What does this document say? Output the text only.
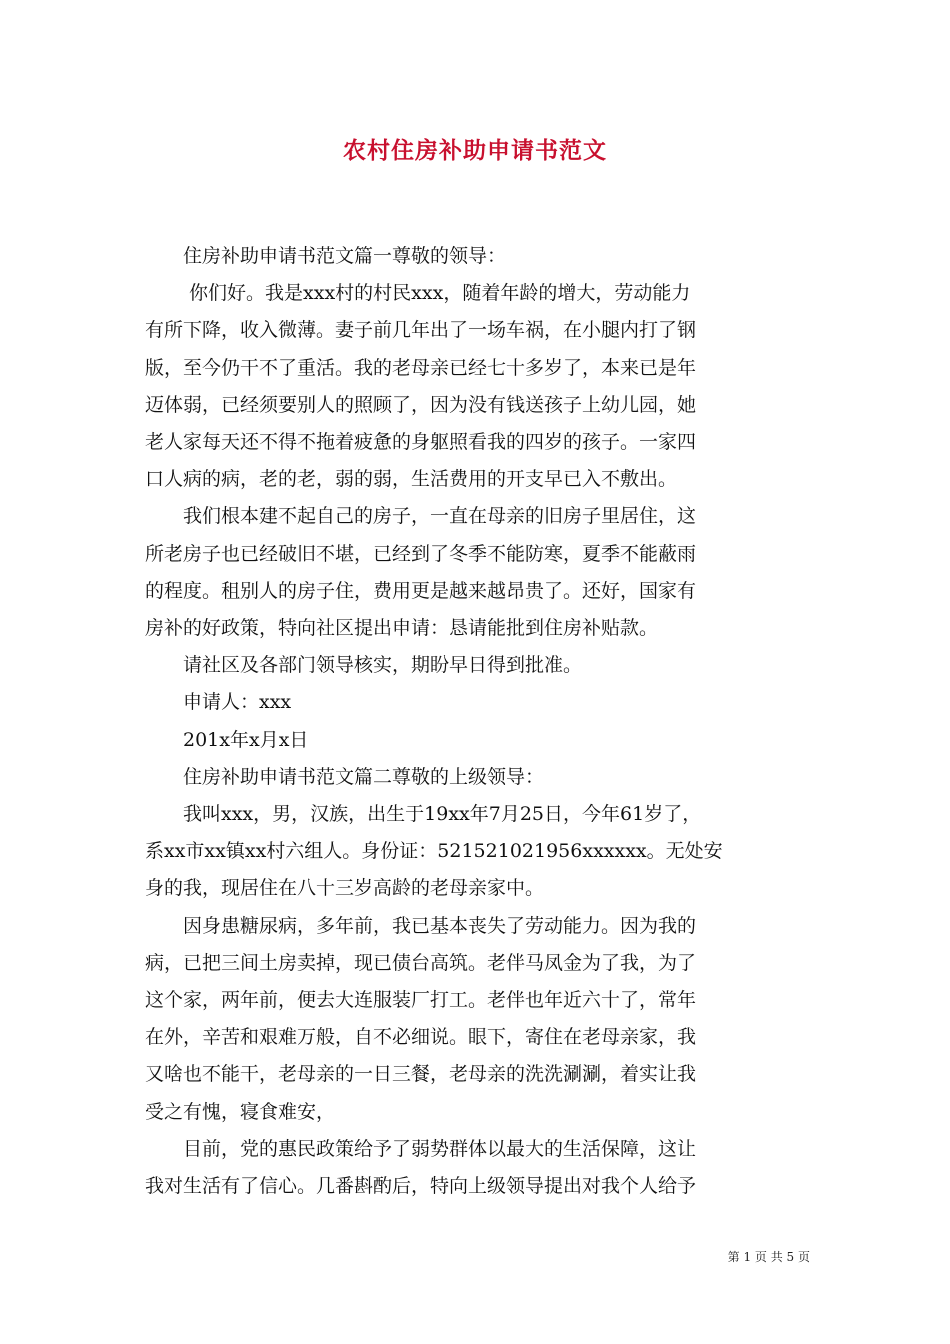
农村住房补助申请书范文

　　住房补助申请书范文篇一尊敬的领导：

　　 你们好。我是xxx村的村民xxx，随着年龄的增大，劳动能力

有所下降，收入微薄。妻子前几年出了一场车祸，在小腿内打了钢

版，至今仍干不了重活。我的老母亲已经七十多岁了，本来已是年

迈体弱，已经须要别人的照顾了，因为没有钱送孩子上幼儿园，她

老人家每天还不得不拖着疲惫的身躯照看我的四岁的孩子。一家四

口人病的病，老的老，弱的弱，生活费用的开支早已入不敷出。

　　我们根本建不起自己的房子，一直在母亲的旧房子里居住，这

所老房子也已经破旧不堪，已经到了冬季不能防寒，夏季不能蔽雨

的程度。租别人的房子住，费用更是越来越昂贵了。还好，国家有

房补的好政策，特向社区提出申请：恳请能批到住房补贴款。

　　请社区及各部门领导核实，期盼早日得到批准。

　　申请人：xxx

　　201x年x月x日

　　住房补助申请书范文篇二尊敬的上级领导：

　　我叫xxx，男，汉族，出生于19xx年7月25日，今年61岁了，

系xx市xx镇xx村六组人。身份证：521521021956xxxxxx。无处安

身的我，现居住在八十三岁高龄的老母亲家中。

　　因身患糖尿病，多年前，我已基本丧失了劳动能力。因为我的

病，已把三间土房卖掉，现已债台高筑。老伴马凤金为了我，为了

这个家，两年前，便去大连服装厂打工。老伴也年近六十了，常年

在外，辛苦和艰难万般，自不必细说。眼下，寄住在老母亲家，我

又啥也不能干，老母亲的一日三餐，老母亲的洗洗涮涮，着实让我

受之有愧，寝食难安，

　　目前，党的惠民政策给予了弱势群体以最大的生活保障，这让

我对生活有了信心。几番斟酌后，特向上级领导提出对我个人给予

第 1 页 共 5 页
